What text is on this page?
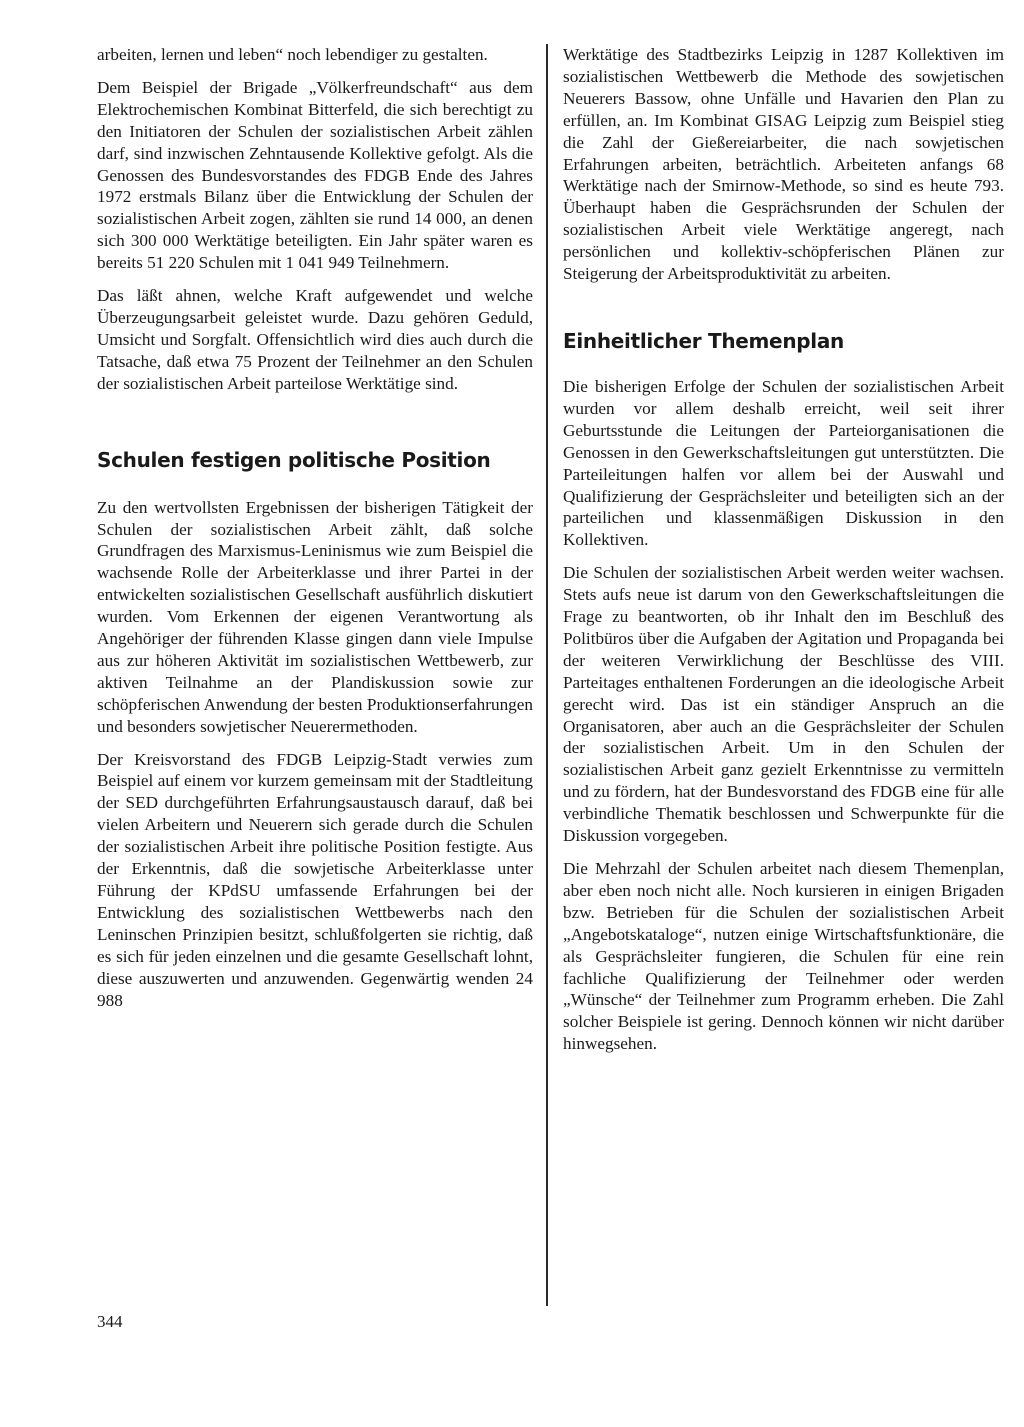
arbeiten, lernen und leben“ noch lebendiger zu gestalten.

Dem Beispiel der Brigade „Völkerfreundschaft“ aus dem Elektrochemischen Kombinat Bitterfeld, die sich berechtigt zu den Initiatoren der Schulen der sozialistischen Arbeit zählen darf, sind inzwischen Zehntausende Kollektive gefolgt. Als die Genossen des Bundesvorstandes des FDGB Ende des Jahres 1972 erstmals Bilanz über die Entwicklung der Schulen der sozialistischen Arbeit zogen, zählten sie rund 14 000, an denen sich 300 000 Werktätige beteiligten. Ein Jahr später waren es bereits 51 220 Schulen mit 1 041 949 Teilnehmern.

Das läßt ahnen, welche Kraft aufgewendet und welche Überzeugungsarbeit geleistet wurde. Dazu gehören Geduld, Umsicht und Sorgfalt. Offensichtlich wird dies auch durch die Tatsache, daß etwa 75 Prozent der Teilnehmer an den Schulen der sozialistischen Arbeit parteilose Werktätige sind.

Schulen festigen politische Position

Zu den wertvollsten Ergebnissen der bisherigen Tätigkeit der Schulen der sozialistischen Arbeit zählt, daß solche Grundfragen des Marxismus-Leninismus wie zum Beispiel die wachsende Rolle der Arbeiterklasse und ihrer Partei in der entwickelten sozialistischen Gesellschaft ausführlich diskutiert wurden. Vom Erkennen der eigenen Verantwortung als Angehöriger der führenden Klasse gingen dann viele Impulse aus zur höheren Aktivität im sozialistischen Wettbewerb, zur aktiven Teilnahme an der Plandiskussion sowie zur schöpferischen Anwendung der besten Produktionserfahrungen und besonders sowjetischer Neuerermethoden.

Der Kreisvorstand des FDGB Leipzig-Stadt verwies zum Beispiel auf einem vor kurzem gemeinsam mit der Stadtleitung der SED durchgeführten Erfahrungsaustausch darauf, daß bei vielen Arbeitern und Neuerern sich gerade durch die Schulen der sozialistischen Arbeit ihre politische Position festigte. Aus der Erkenntnis, daß die sowjetische Arbeiterklasse unter Führung der KPdSU umfassende Erfahrungen bei der Entwicklung des sozialistischen Wettbewerbs nach den Leninschen Prinzipien besitzt, schlußfolgerten sie richtig, daß es sich für jeden einzelnen und die gesamte Gesellschaft lohnt, diese auszuwerten und anzuwenden. Gegenwärtig wenden 24 988

Werktätige des Stadtbezirks Leipzig in 1287 Kollektiven im sozialistischen Wettbewerb die Methode des sowjetischen Neuerers Bassow, ohne Unfälle und Havarien den Plan zu erfüllen, an. Im Kombinat GISAG Leipzig zum Beispiel stieg die Zahl der Gießereiarbeiter, die nach sowjetischen Erfahrungen arbeiten, beträchtlich. Arbeiteten anfangs 68 Werktätige nach der Smirnow-Methode, so sind es heute 793. Überhaupt haben die Gesprächsrunden der Schulen der sozialistischen Arbeit viele Werktätige angeregt, nach persönlichen und kollektiv-schöpferischen Plänen zur Steigerung der Arbeitsproduktivität zu arbeiten.

Einheitlicher Themenplan

Die bisherigen Erfolge der Schulen der sozialistischen Arbeit wurden vor allem deshalb erreicht, weil seit ihrer Geburtsstunde die Leitungen der Parteiorganisationen die Genossen in den Gewerkschaftsleitungen gut unterstützten. Die Parteileitungen halfen vor allem bei der Auswahl und Qualifizierung der Gesprächsleiter und beteiligten sich an der parteilichen und klassenmäßigen Diskussion in den Kollektiven.

Die Schulen der sozialistischen Arbeit werden weiter wachsen. Stets aufs neue ist darum von den Gewerkschaftsleitungen die Frage zu beantworten, ob ihr Inhalt den im Beschluß des Politbüros über die Aufgaben der Agitation und Propaganda bei der weiteren Verwirklichung der Beschlüsse des VIII. Parteitages enthaltenen Forderungen an die ideologische Arbeit gerecht wird. Das ist ein ständiger Anspruch an die Organisatoren, aber auch an die Gesprächsleiter der Schulen der sozialistischen Arbeit. Um in den Schulen der sozialistischen Arbeit ganz gezielt Erkenntnisse zu vermitteln und zu fördern, hat der Bundesvorstand des FDGB eine für alle verbindliche Thematik beschlossen und Schwerpunkte für die Diskussion vorgegeben.

Die Mehrzahl der Schulen arbeitet nach diesem Themenplan, aber eben noch nicht alle. Noch kursieren in einigen Brigaden bzw. Betrieben für die Schulen der sozialistischen Arbeit „Angebotskataloge“, nutzen einige Wirtschaftsfunktionäre, die als Gesprächsleiter fungieren, die Schulen für eine rein fachliche Qualifizierung der Teilnehmer oder werden „Wünsche“ der Teilnehmer zum Programm erheben. Die Zahl solcher Beispiele ist gering. Dennoch können wir nicht darüber hinwegsehen.

344
